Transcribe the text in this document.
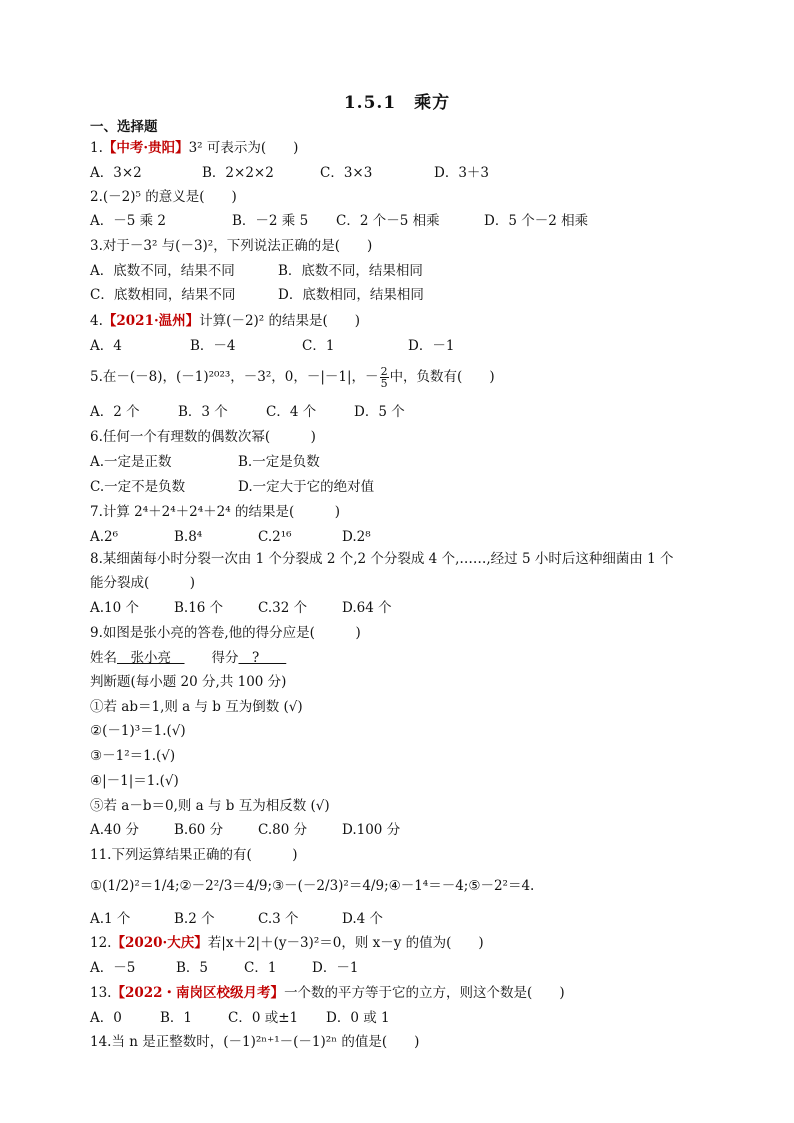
1.5.1　乘方
一、选择题
1.【中考·贵阳】3² 可表示为(　　)
A．3×2	B．2×2×2	C．3×3	D．3＋3
2.(－2)⁵ 的意义是(　　)
A．－5 乘 2	B．－2 乘 5 C．2 个－5 相乘	D．5 个－2 相乘
3.对于－3² 与(－3)²，下列说法正确的是(　　)
A．底数不同，结果不同	B．底数不同，结果相同
C．底数相同，结果不同	D．底数相同，结果相同
4.【2021·温州】计算(－2)² 的结果是(　　)
A．4	B．－4	C．1	D．－1
5.在－(－8)，(－1)²⁰²³，－3²，0，－|－1|，－ $\frac{2}{5}$ 中，负数有(　　)
A．2 个	B．3 个	C．4 个	D．5 个
6.任何一个有理数的偶数次幂(　　　)
A.一定是正数	B.一定是负数
C.一定不是负数	D.一定大于它的绝对值
7.计算 2⁴＋2⁴＋2⁴＋2⁴ 的结果是(　　　)
A.2⁶	B.8⁴	C.2¹⁶	D.2⁸
8.某细菌每小时分裂一次由 1 个分裂成 2 个,2 个分裂成 4 个,……,经过 5 小时后这种细菌由 1 个
能分裂成(　　　)
A.10 个	B.16 个	C.32 个	D.64 个
9.如图是张小亮的答卷,他的得分应是(　　　)
姓名　张小亮　　　得分　?　　
判断题(每小题 20 分,共 100 分)
①若 ab＝1,则 a 与 b 互为倒数 (√)
②(－1)³＝1.(√)
③－1²＝1.(√)
④|－1|＝1.(√)
⑤若 a－b＝0,则 a 与 b 互为相反数 (√)
A.40 分	B.60 分	C.80 分	D.100 分
11.下列运算结果正确的有(　　　)
①(1/2)²＝1/4;②－2²/3＝4/9;③－(－2/3)²＝4/9;④－1⁴＝－4;⑤－2²＝4.
A.1 个	B.2 个	C.3 个	D.4 个
12.【2020·大庆】若|x＋2|＋(y－3)²＝0，则 x－y 的值为(　　)
A．－5	B．5	C．1	D．－1
13.【2022・南岗区校级月考】一个数的平方等于它的立方，则这个数是(　　)
A．0	B．1	C．0 或±1 D．0 或 1
14.当 n 是正整数时，(－1)²ⁿ⁺¹－(－1)²ⁿ 的值是(　　)
